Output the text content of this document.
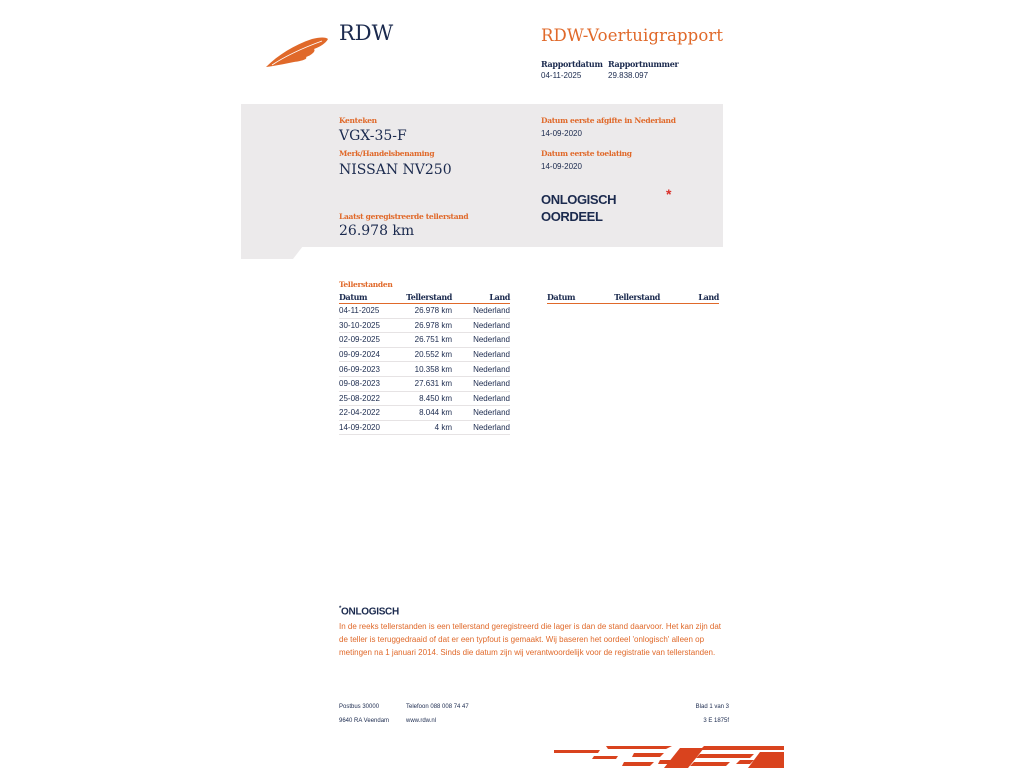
RDW	RDW-Voertuigrapport
Rapportdatum
04-11-2025
Rapportnummer
29.838.097
Kenteken
VGX-35-F
Merk/Handelsbenaming
NISSAN NV250
Laatst geregistreerde tellerstand
26.978 km
Datum eerste afgifte in Nederland
14-09-2020
Datum eerste toelating
14-09-2020
ONLOGISCH
OORDEEL
*
Tellerstanden
Datum	Tellerstand	Land
04-11-2025	26.978 km	Nederland
30-10-2025	26.978 km	Nederland
02-09-2025	26.751 km	Nederland
09-09-2024	20.552 km	Nederland
06-09-2023	10.358 km	Nederland
09-08-2023	27.631 km	Nederland
25-08-2022	8.450 km	Nederland
22-04-2022	8.044 km	Nederland
14-09-2020	4 km	Nederland
Datum	Tellerstand	Land
*ONLOGISCH
In de reeks tellerstanden is een tellerstand geregistreerd die lager is dan de stand daarvoor. Het kan zijn dat de teller is teruggedraaid of dat er een typfout is gemaakt. Wij baseren het oordeel 'onlogisch' alleen op metingen na 1 januari 2014. Sinds die datum zijn wij verantwoordelijk voor de registratie van tellerstanden.
Postbus 30000
9640 RA Veendam
Telefoon 088 008 74 47
www.rdw.nl
Blad 1 van 3
3 E 1875f
